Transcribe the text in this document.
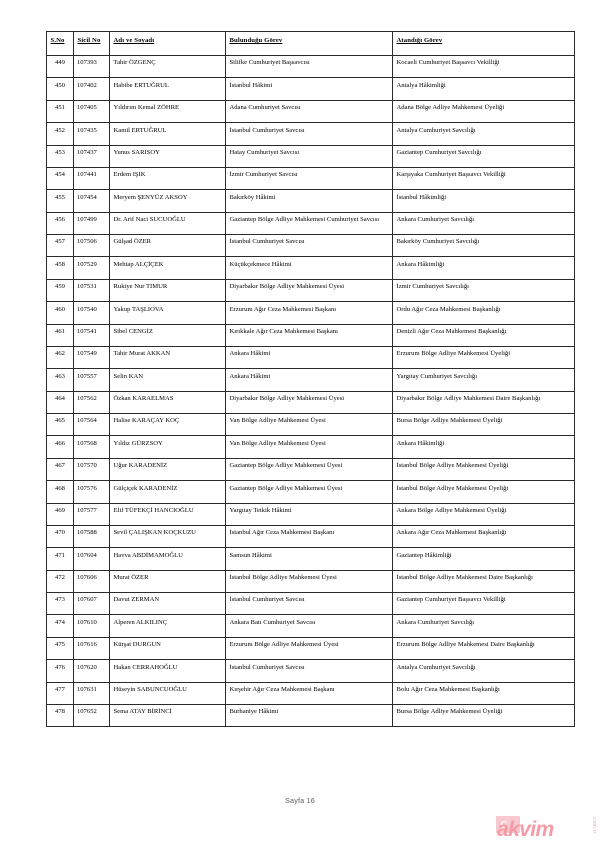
S.No	Sicil No	Adı ve Soyadı	Bulunduğu Görev	Atandığı Görev

449	107393	Tahir ÖZGENÇ	Silifke Cumhuriyet Başsavcısı	Kocaeli Cumhuriyet Başsavcı Vekilliği

450	107402	Habibe ERTUĞRUL	İstanbul Hâkimi	Antalya Hâkimliği

451	107405	Yıldırım Kemal ZÖHRE	Adana Cumhuriyet Savcısı	Adana Bölge Adliye Mahkemesi Üyeliği

452	107435	Kamil ERTUĞRUL	İstanbul Cumhuriyet Savcısı	Antalya Cumhuriyet Savcılığı

453	107437	Yunus SARISOY	Hatay Cumhuriyet Savcısı	Gaziantep Cumhuriyet Savcılığı

454	107441	Erdem IŞIK	İzmir Cumhuriyet Savcısı	Karşıyaka Cumhuriyet Başsavcı Vekilliği

455	107454	Meryem ŞENYÜZ AKSOY	Bakırköy Hâkimi	İstanbul Hâkimliği

456	107499	Dr. Arif Naci SUCUOĞLU	Gaziantep Bölge Adliye Mahkemesi Cumhuriyet Savcısı	Ankara Cumhuriyet Savcılığı

457	107506	Gülşad ÖZER	İstanbul Cumhuriyet Savcısı	Bakırköy Cumhuriyet Savcılığı

458	107529	Mehtap ALÇİÇEK	Küçükçekmece Hâkimi	Ankara Hâkimliği

459	107531	Rukiye Nur TIMUR	Diyarbakır Bölge Adliye Mahkemesi Üyesi	İzmir Cumhuriyet Savcılığı

460	107540	Yakup TAŞLIOVA	Erzurum Ağır Ceza Mahkemesi Başkanı	Ordu Ağır Ceza Mahkemesi Başkanlığı

461	107541	Sibel CENGİZ	Kırıkkale Ağır Ceza Mahkemesi Başkanı	Denizli Ağır Ceza Mahkemesi Başkanlığı

462	107549	Tahir Murat AKKAN	Ankara Hâkimi	Erzurum Bölge Adliye Mahkemesi Üyeliği

463	107557	Selin KAN	Ankara Hâkimi	Yargıtay Cumhuriyet Savcılığı

464	107562	Özkan KARAELMAS	Diyarbakır Bölge Adliye Mahkemesi Üyesi	Diyarbakır Bölge Adliye Mahkemesi Daire Başkanlığı

465	107564	Halise KARAÇAY KOÇ	Van Bölge Adliye Mahkemesi Üyesi	Bursa Bölge Adliye Mahkemesi Üyeliği

466	107568	Yıldız GÜRZSOY	Van Bölge Adliye Mahkemesi Üyesi	Ankara Hâkimliği

467	107570	Uğur KARADENİZ	Gaziantep Bölge Adliye Mahkemesi Üyesi	İstanbul Bölge Adliye Mahkemesi Üyeliği

468	107576	Gülçiçek KARADENİZ	Gaziantep Bölge Adliye Mahkemesi Üyesi	İstanbul Bölge Adliye Mahkemesi Üyeliği

469	107577	Elif TÜFEKÇİ HANCIOĞLU	Yargıtay Tetkik Hâkimi	Ankara Bölge Adliye Mahkemesi Üyeliği

470	107588	Sevil ÇALIŞKAN KOÇKUZU	İstanbul Ağır Ceza Mahkemesi Başkanı	Ankara Ağır Ceza Mahkemesi Başkanlığı

471	107604	Havva ABDİMAMOĞLU	Samsun Hâkimi	Gaziantep Hâkimliği

472	107606	Murat ÖZER	İstanbul Bölge Adliye Mahkemesi Üyesi	İstanbul Bölge Adliye Mahkemesi Daire Başkanlığı

473	107607	Davut ZERMAN	İstanbul Cumhuriyet Savcısı	Gaziantep Cumhuriyet Başsavcı Vekilliği

474	107610	Alperen ALKILINÇ	Ankara Batı Cumhuriyet Savcısı	Ankara Cumhuriyet Savcılığı

475	107616	Kürşat DURGUN	Erzurum Bölge Adliye Mahkemesi Üyesi	Erzurum Bölge Adliye Mahkemesi Daire Başkanlığı

476	107620	Hakan CERRAHOĞLU	İstanbul Cumhuriyet Savcısı	Antalya Cumhuriyet Savcılığı

477	107631	Hüseyin SABUNCUOĞLU	Kırşehir Ağır Ceza Mahkemesi Başkanı	Bolu Ağır Ceza Mahkemesi Başkanlığı

478	107652	Sema ATAY BİRİNCİ	Burhaniye Hâkimi	Bursa Bölge Adliye Mahkemesi Üyeliği
Sayfa 16
akvim	com.tr
